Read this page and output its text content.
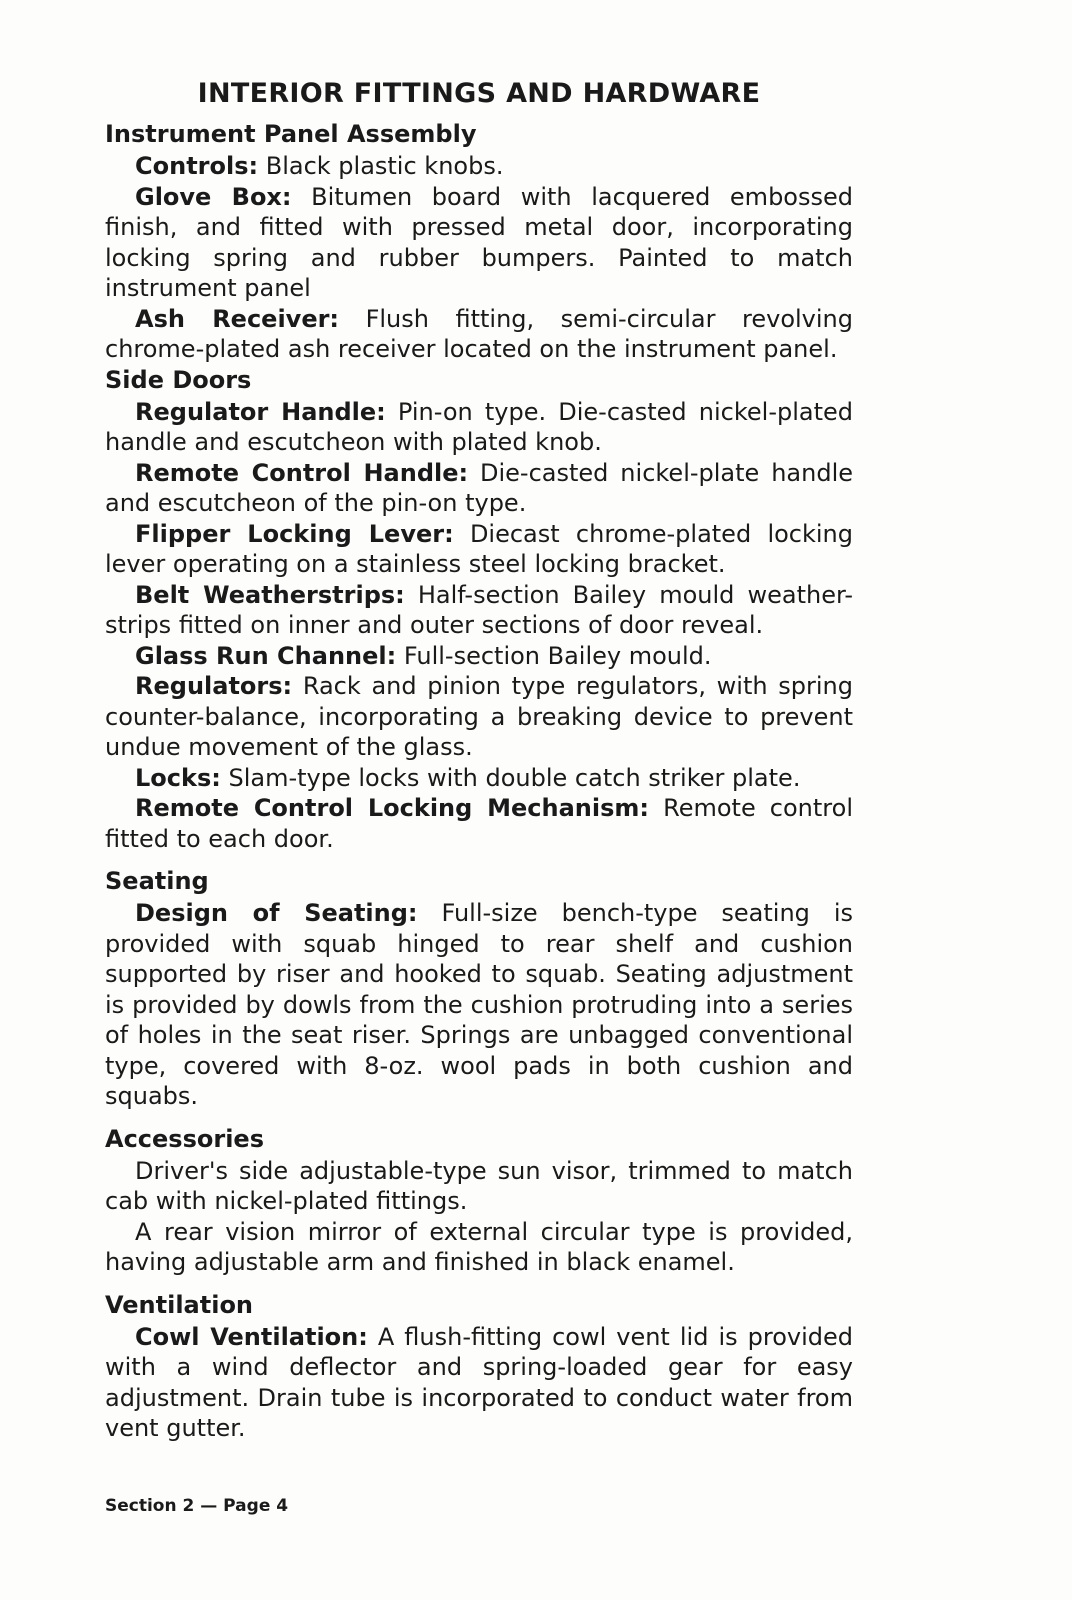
INTERIOR FITTINGS AND HARDWARE
Instrument Panel Assembly

Controls: Black plastic knobs.

Glove Box: Bitumen board with lacquered embossed finish, and fitted with pressed metal door, incorporating locking spring and rubber bumpers. Painted to match instrument panel

Ash Receiver: Flush fitting, semi-circular revolving chrome-plated ash receiver located on the instrument panel.

Side Doors

Regulator Handle: Pin-on type. Die-casted nickel-plated handle and escutcheon with plated knob.

Remote Control Handle: Die-casted nickel-plate handle and escutcheon of the pin-on type.

Flipper Locking Lever: Diecast chrome-plated locking lever operating on a stainless steel locking bracket.

Belt Weatherstrips: Half-section Bailey mould weather-strips fitted on inner and outer sections of door reveal.

Glass Run Channel: Full-section Bailey mould.

Regulators: Rack and pinion type regulators, with spring counter-balance, incorporating a breaking device to prevent undue movement of the glass.

Locks: Slam-type locks with double catch striker plate.

Remote Control Locking Mechanism: Remote control fitted to each door.

Seating

Design of Seating: Full-size bench-type seating is provided with squab hinged to rear shelf and cushion supported by riser and hooked to squab. Seating adjustment is provided by dowls from the cushion protruding into a series of holes in the seat riser. Springs are unbagged conventional type, covered with 8-oz. wool pads in both cushion and squabs.

Accessories

Driver's side adjustable-type sun visor, trimmed to match cab with nickel-plated fittings.

A rear vision mirror of external circular type is provided, having adjustable arm and finished in black enamel.

Ventilation

Cowl Ventilation: A flush-fitting cowl vent lid is provided with a wind deflector and spring-loaded gear for easy adjustment. Drain tube is incorporated to conduct water from vent gutter.

Section 2 — Page 4
